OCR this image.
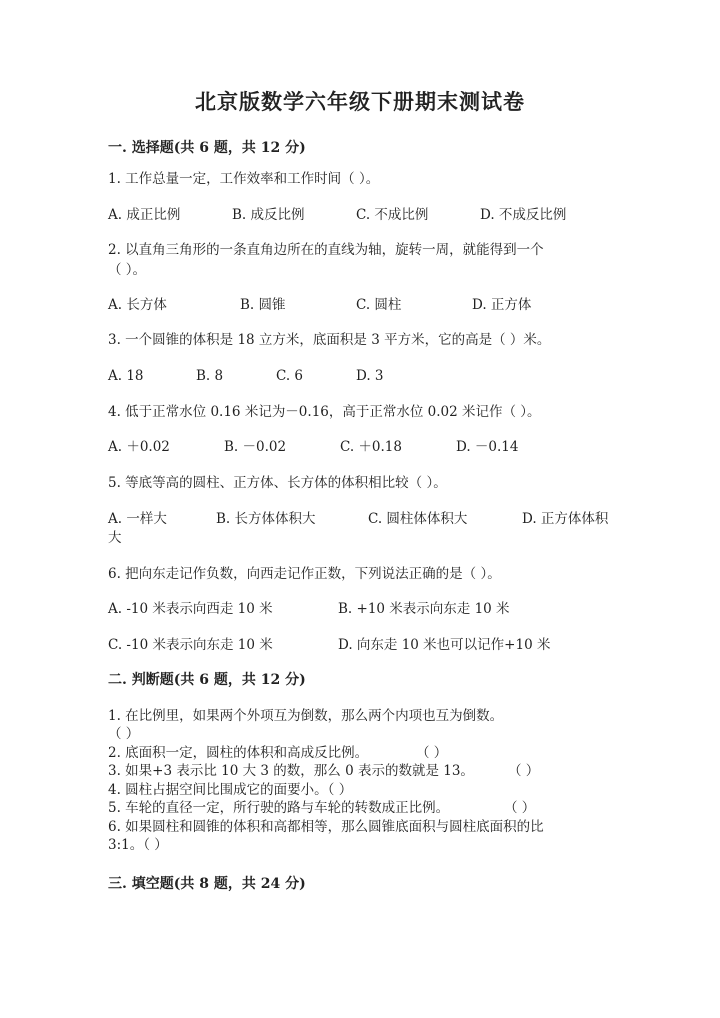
北京版数学六年级下册期末测试卷
一. 选择题(共 6 题，共 12 分)
1. 工作总量一定，工作效率和工作时间（ ）。
A. 成正比例	B. 成反比例	C. 不成比例	D. 不成反比例
2. 以直角三角形的一条直角边所在的直线为轴，旋转一周，就能得到一个
（ ）。
A. 长方体	B. 圆锥	C. 圆柱	D. 正方体
3. 一个圆锥的体积是 18 立方米，底面积是 3 平方米，它的高是（ ）米。
A. 18	B. 8	C. 6	D. 3
4. 低于正常水位 0.16 米记为－0.16，高于正常水位 0.02 米记作（ ）。
A. ＋0.02	B. －0.02	C. ＋0.18	D. －0.14
5. 等底等高的圆柱、正方体、长方体的体积相比较（ ）。
A. 一样大	B. 长方体体积大	C. 圆柱体体积大	D. 正方体体积
大
6. 把向东走记作负数，向西走记作正数，下列说法正确的是（ ）。
A. -10 米表示向西走 10 米	B. +10 米表示向东走 10 米
C. -10 米表示向东走 10 米	D. 向东走 10 米也可以记作+10 米
二. 判断题(共 6 题，共 12 分)
1. 在比例里，如果两个外项互为倒数，那么两个内项也互为倒数。
（ ）
2. 底面积一定，圆柱的体积和高成反比例。	（ ）
3. 如果+3 表示比 10 大 3 的数，那么 0 表示的数就是 13。	（ ）
4. 圆柱占据空间比围成它的面要小。（ ）
5. 车轮的直径一定，所行驶的路与车轮的转数成正比例。	（ ）
6. 如果圆柱和圆锥的体积和高都相等，那么圆锥底面积与圆柱底面积的比
3:1。（ ）
三. 填空题(共 8 题，共 24 分)
